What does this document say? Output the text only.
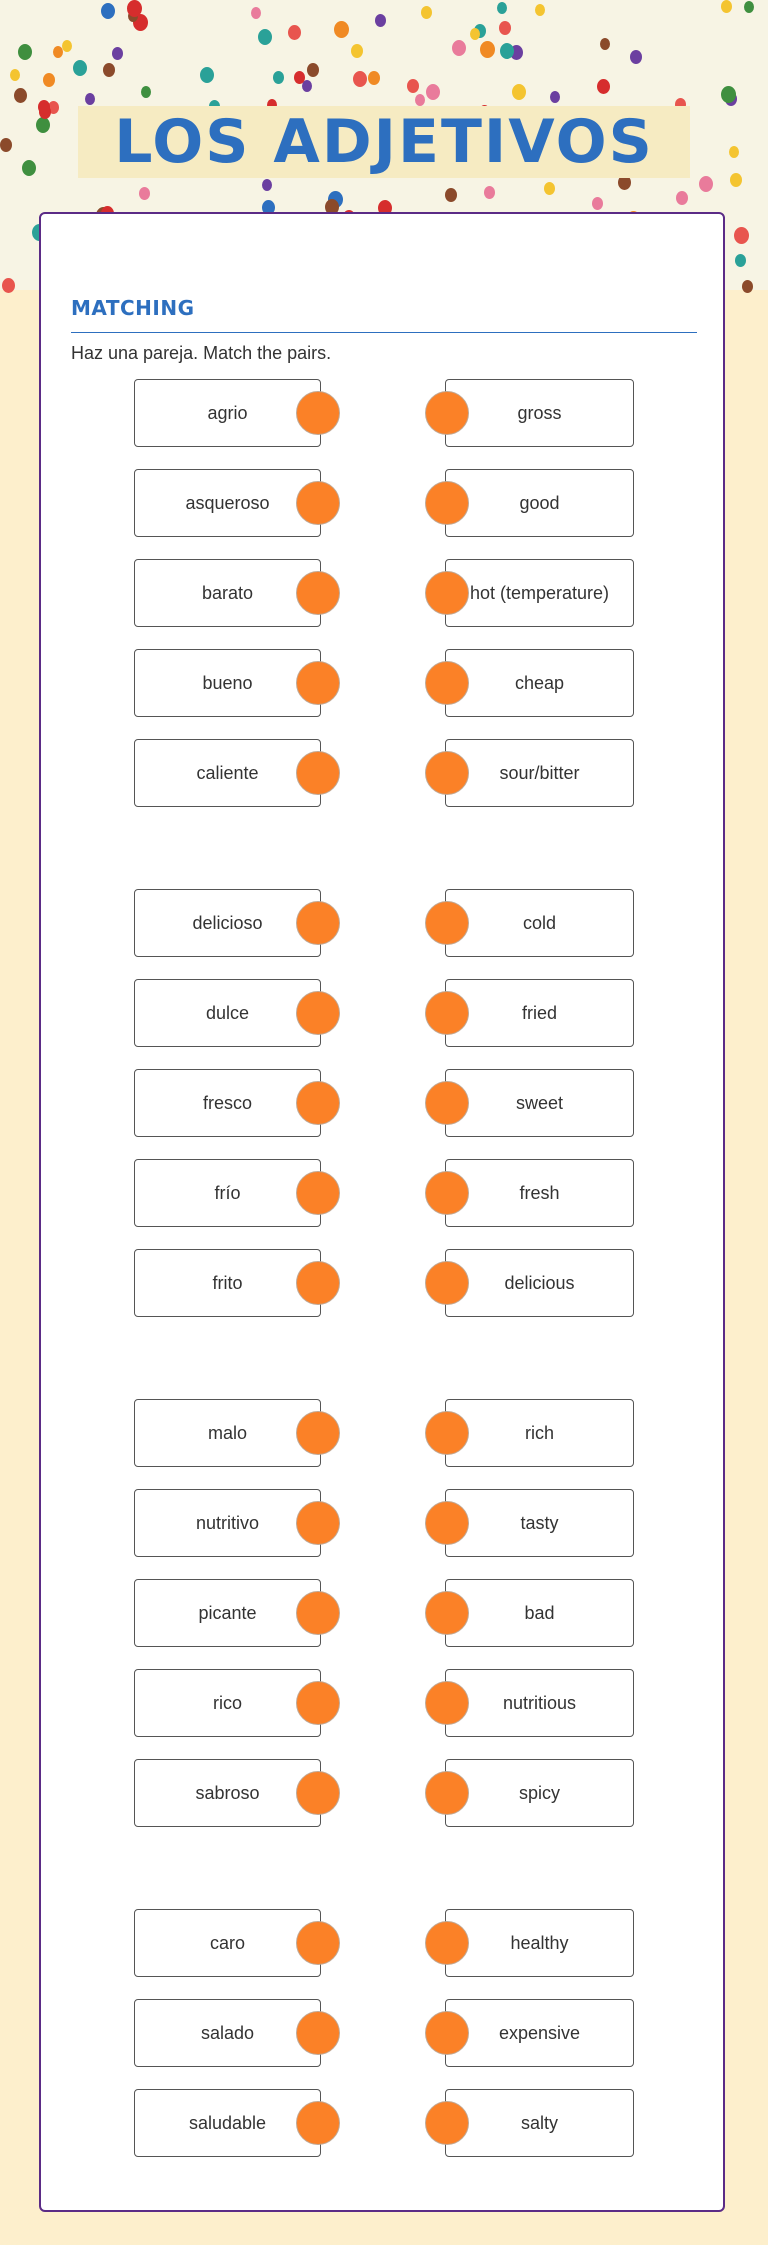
LOS ADJETIVOS
MATCHING
Haz una pareja. Match the pairs.
agrio	gross
asqueroso	good
barato	hot (temperature)
bueno	cheap
caliente	sour/bitter
delicioso	cold
dulce	fried
fresco	sweet
frío	fresh
frito	delicious
malo	rich
nutritivo	tasty
picante	bad
rico	nutritious
sabroso	spicy
caro	healthy
salado	expensive
saludable	salty
